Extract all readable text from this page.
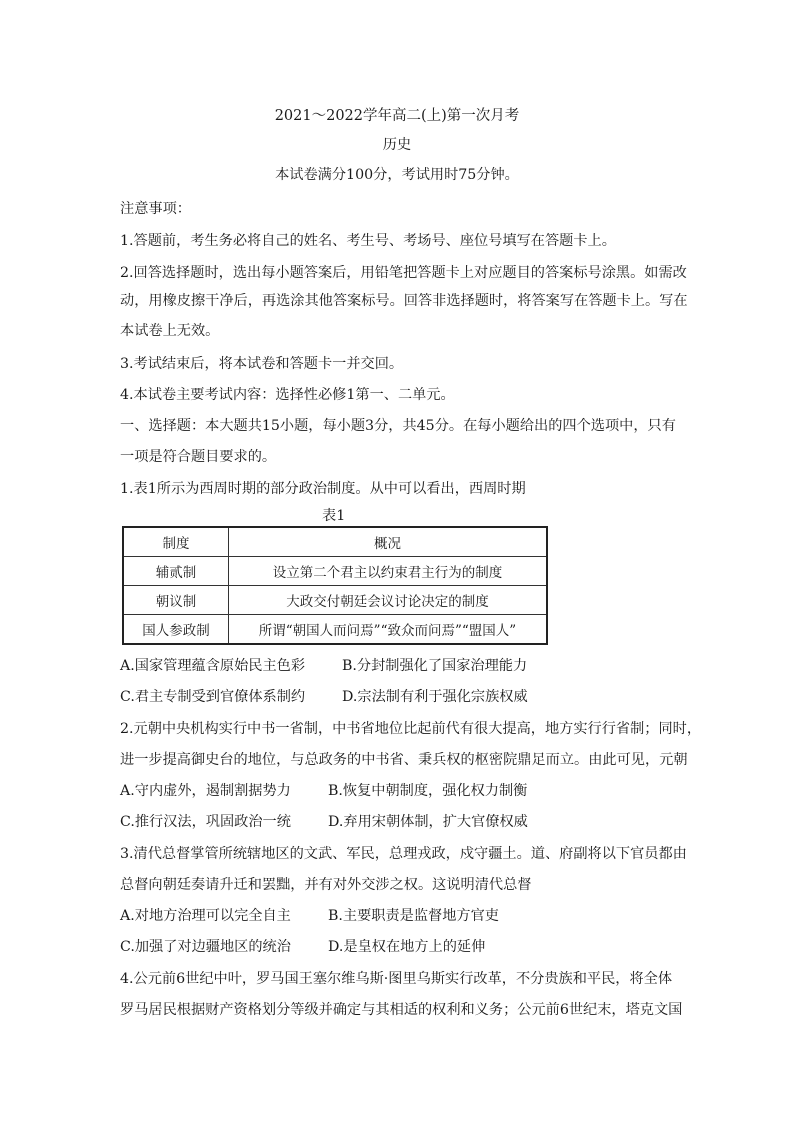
2021～2022学年高二(上)第一次月考
历史
本试卷满分100分，考试用时75分钟。
注意事项：
1.答题前，考生务必将自己的姓名、考生号、考场号、座位号填写在答题卡上。
2.回答选择题时，选出每小题答案后，用铅笔把答题卡上对应题目的答案标号涂黑。如需改
动，用橡皮擦干净后，再选涂其他答案标号。回答非选择题时，将答案写在答题卡上。写在
本试卷上无效。
3.考试结束后，将本试卷和答题卡一并交回。
4.本试卷主要考试内容：选择性必修1第一、二单元。
一、选择题：本大题共15小题，每小题3分，共45分。在每小题给出的四个选项中，只有
一项是符合题目要求的。
1.表1所示为西周时期的部分政治制度。从中可以看出，西周时期
表1
制度	概况
辅贰制	设立第二个君主以约束君主行为的制度
朝议制	大政交付朝廷会议讨论决定的制度
国人参政制	所谓“朝国人而问焉”“致众而问焉”“盟国人”
A.国家管理蕴含原始民主色彩	B.分封制强化了国家治理能力
C.君主专制受到官僚体系制约	D.宗法制有利于强化宗族权威
2.元朝中央机构实行中书一省制，中书省地位比起前代有很大提高，地方实行行省制；同时，
进一步提高御史台的地位，与总政务的中书省、秉兵权的枢密院鼎足而立。由此可见，元朝
A.守内虚外，遏制割据势力	B.恢复中朝制度，强化权力制衡
C.推行汉法，巩固政治一统	D.弃用宋朝体制，扩大官僚权威
3.清代总督掌管所统辖地区的文武、军民，总理戎政，戍守疆土。道、府副将以下官员都由
总督向朝廷奏请升迁和罢黜，并有对外交涉之权。这说明清代总督
A.对地方治理可以完全自主	B.主要职责是监督地方官吏
C.加强了对边疆地区的统治	D.是皇权在地方上的延伸
4.公元前6世纪中叶，罗马国王塞尔维乌斯·图里乌斯实行改革，不分贵族和平民，将全体
罗马居民根据财产资格划分等级并确定与其相适的权利和义务；公元前6世纪末，塔克文国
